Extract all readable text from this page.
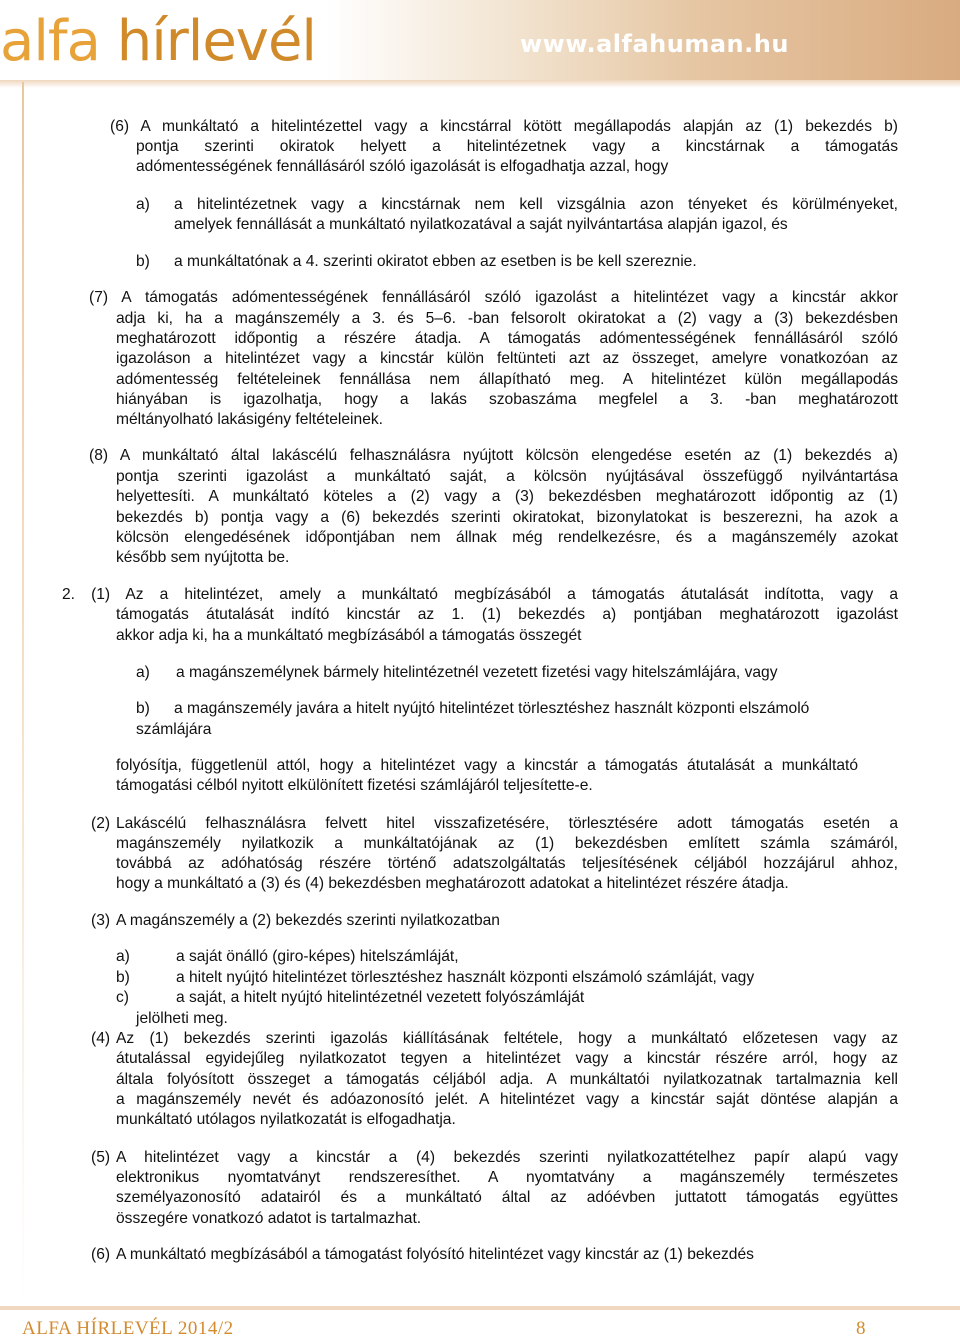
alfa hírlevél	www.alfahuman.hu
(6) A munkáltató a hitelintézettel vagy a kincstárral kötött megállapodás alapján az (1) bekezdés b)
pontja szerinti okiratok helyett a hitelintézetnek vagy a kincstárnak a támogatás
adómentességének fennállásáról szóló igazolását is elfogadhatja azzal, hogy
a) a hitelintézetnek vagy a kincstárnak nem kell vizsgálnia azon tényeket és körülményeket,
amelyek fennállását a munkáltató nyilatkozatával a saját nyilvántartása alapján igazol, és
b) a munkáltatónak a 4. szerinti okiratot ebben az esetben is be kell szereznie.
(7) A támogatás adómentességének fennállásáról szóló igazolást a hitelintézet vagy a kincstár akkor
adja ki, ha a magánszemély a 3. és 5–6. -ban felsorolt okiratokat a (2) vagy a (3) bekezdésben
meghatározott időpontig a részére átadja. A támogatás adómentességének fennállásáról szóló
igazoláson a hitelintézet vagy a kincstár külön feltünteti azt az összeget, amelyre vonatkozóan az
adómentesség feltételeinek fennállása nem állapítható meg. A hitelintézet külön megállapodás
hiányában is igazolhatja, hogy a lakás szobaszáma megfelel a 3. -ban meghatározott
méltányolható lakásigény feltételeinek.
(8) A munkáltató által lakáscélú felhasználásra nyújtott kölcsön elengedése esetén az (1) bekezdés a)
pontja szerinti igazolást a munkáltató saját, a kölcsön nyújtásával összefüggő nyilvántartása
helyettesíti. A munkáltató köteles a (2) vagy a (3) bekezdésben meghatározott időpontig az (1)
bekezdés b) pontja vagy a (6) bekezdés szerinti okiratokat, bizonylatokat is beszerezni, ha azok a
kölcsön elengedésének időpontjában nem állnak még rendelkezésre, és a magánszemély azokat
később sem nyújtotta be.
2. (1) Az a hitelintézet, amely a munkáltató megbízásából a támogatás átutalását indította, vagy a
támogatás átutalását indító kincstár az 1. (1) bekezdés a) pontjában meghatározott igazolást
akkor adja ki, ha a munkáltató megbízásából a támogatás összegét
a) a magánszemélynek bármely hitelintézetnél vezetett fizetési vagy hitelszámlájára, vagy
b) a magánszemély javára a hitelt nyújtó hitelintézet törlesztéshez használt központi elszámoló
számlájára
folyósítja, függetlenül attól, hogy a hitelintézet vagy a kincstár a támogatás átutalását a munkáltató
támogatási célból nyitott elkülönített fizetési számlájáról teljesítette-e.
(2) Lakáscélú felhasználásra felvett hitel visszafizetésére, törlesztésére adott támogatás esetén a
magánszemély nyilatkozik a munkáltatójának az (1) bekezdésben említett számla számáról,
továbbá az adóhatóság részére történő adatszolgáltatás teljesítésének céljából hozzájárul ahhoz,
hogy a munkáltató a (3) és (4) bekezdésben meghatározott adatokat a hitelintézet részére átadja.
(3) A magánszemély a (2) bekezdés szerinti nyilatkozatban
a)	a saját önálló (giro-képes) hitelszámláját,
b)	a hitelt nyújtó hitelintézet törlesztéshez használt központi elszámoló számláját, vagy
c)	a saját, a hitelt nyújtó hitelintézetnél vezetett folyószámláját
jelölheti meg.
(4) Az (1) bekezdés szerinti igazolás kiállításának feltétele, hogy a munkáltató előzetesen vagy az
átutalással egyidejűleg nyilatkozatot tegyen a hitelintézet vagy a kincstár részére arról, hogy az
általa folyósított összeget a támogatás céljából adja. A munkáltatói nyilatkozatnak tartalmaznia kell
a magánszemély nevét és adóazonosító jelét. A hitelintézet vagy a kincstár saját döntése alapján a
munkáltató utólagos nyilatkozatát is elfogadhatja.
(5) A hitelintézet vagy a kincstár a (4) bekezdés szerinti nyilatkozattételhez papír alapú vagy
elektronikus nyomtatványt rendszeresíthet. A nyomtatvány a magánszemély természetes
személyazonosító adatairól és a munkáltató által az adóévben juttatott támogatás együttes
összegére vonatkozó adatot is tartalmazhat.
(6) A munkáltató megbízásából a támogatást folyósító hitelintézet vagy kincstár az (1) bekezdés
ALFA HÍRLEVÉL 2014/2	8
